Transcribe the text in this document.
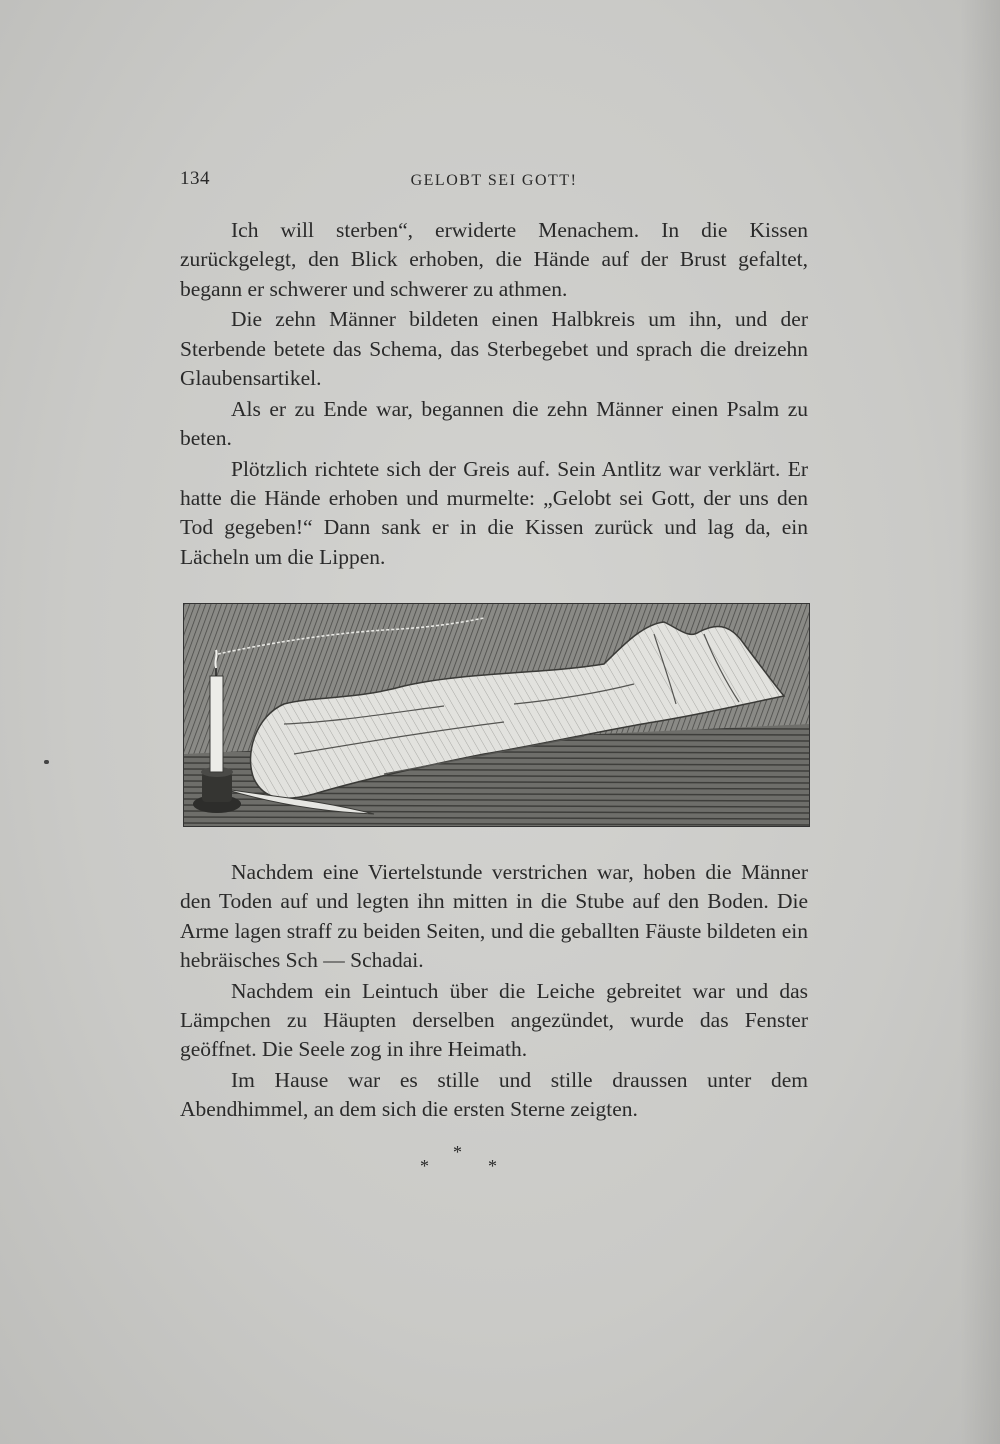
134	GELOBT SEI GOTT!

Ich will sterben“, erwiderte Menachem. In die Kissen zurückgelegt, den Blick erhoben, die Hände auf der Brust gefaltet, begann er schwerer und schwerer zu athmen.

Die zehn Männer bildeten einen Halbkreis um ihn, und der Sterbende betete das Schema, das Sterbegebet und sprach die dreizehn Glaubensartikel.

Als er zu Ende war, begannen die zehn Männer einen Psalm zu beten.

Plötzlich richtete sich der Greis auf. Sein Antlitz war verklärt. Er hatte die Hände erhoben und murmelte: „Gelobt sei Gott, der uns den Tod gegeben!“ Dann sank er in die Kissen zurück und lag da, ein Lächeln um die Lippen.

Nachdem eine Viertelstunde verstrichen war, hoben die Männer den Toden auf und legten ihn mitten in die Stube auf den Boden. Die Arme lagen straff zu beiden Seiten, und die geballten Fäuste bildeten ein hebräisches Sch — Schadai.

Nachdem ein Leintuch über die Leiche gebreitet war und das Lämpchen zu Häupten derselben angezündet, wurde das Fenster geöffnet. Die Seele zog in ihre Heimath.

Im Hause war es stille und stille draussen unter dem Abendhimmel, an dem sich die ersten Sterne zeigten.

*
*	*
